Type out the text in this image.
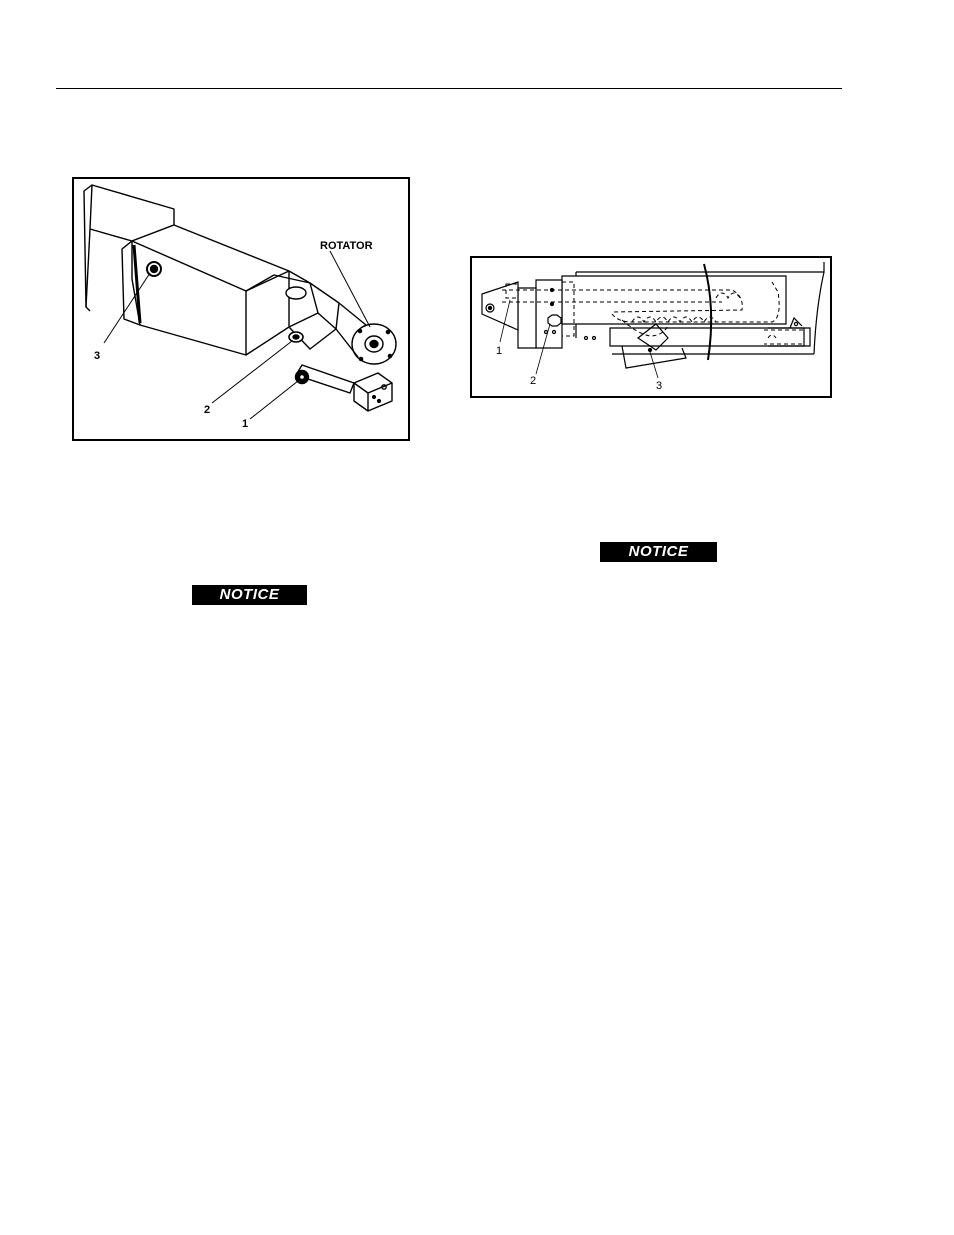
ROTATOR
3
2
1
1
2	3
NOTICE
NOTICE
